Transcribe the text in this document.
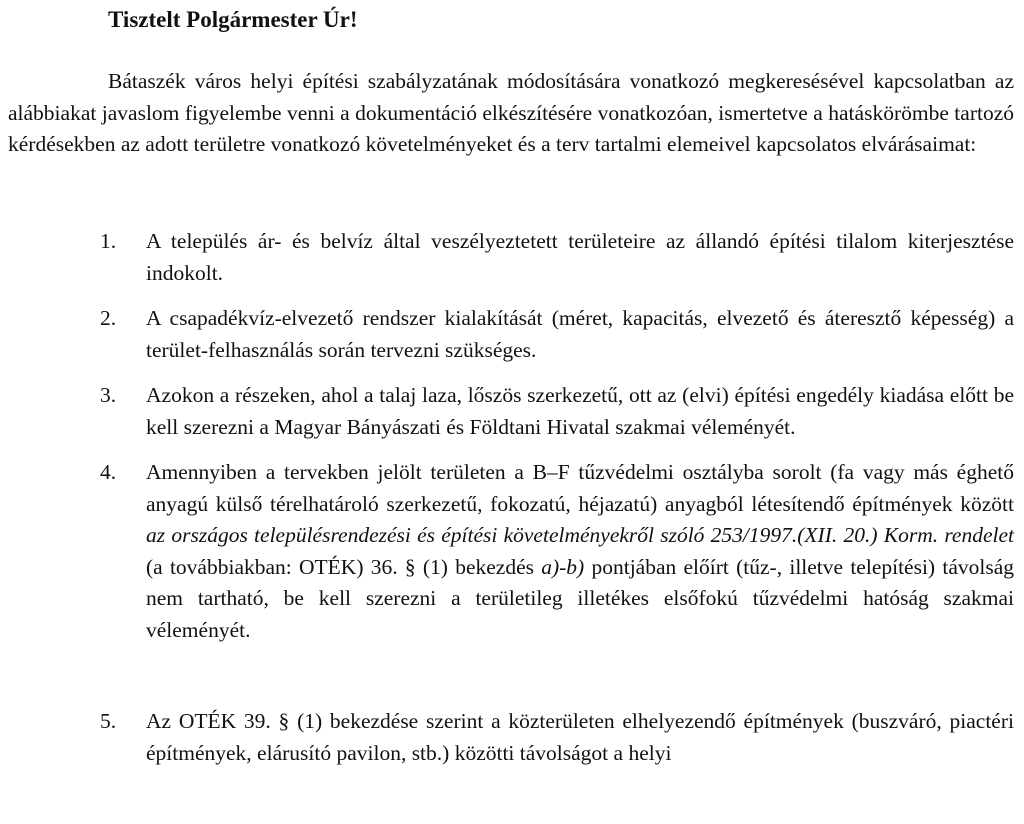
Tisztelt Polgármester Úr!
Bátaszék város helyi építési szabályzatának módosítására vonatkozó megkeresésével kapcsolatban az alábbiakat javaslom figyelembe venni a dokumentáció elkészítésére vonatkozóan, ismertetve a hatáskörömbe tartozó kérdésekben az adott területre vonatkozó követelményeket és a terv tartalmi elemeivel kapcsolatos elvárásaimat:
1. A település ár- és belvíz által veszélyeztetett területeire az állandó építési tilalom kiterjesztése indokolt.
2. A csapadékvíz-elvezető rendszer kialakítását (méret, kapacitás, elvezető és áteresztő képesség) a terület-felhasználás során tervezni szükséges.
3. Azokon a részeken, ahol a talaj laza, lőszös szerkezetű, ott az (elvi) építési engedély kiadása előtt be kell szerezni a Magyar Bányászati és Földtani Hivatal szakmai véleményét.
4. Amennyiben a tervekben jelölt területen a B–F tűzvédelmi osztályba sorolt (fa vagy más éghető anyagú külső térelhatároló szerkezetű, fokozatú, héjazatú) anyagból létesítendő építmények között az országos településrendezési és építési követelményekről szóló 253/1997.(XII. 20.) Korm. rendelet (a továbbiakban: OTÉK) 36. § (1) bekezdés a)-b) pontjában előírt (tűz-, illetve telepítési) távolság nem tartható, be kell szerezni a területileg illetékes elsőfokú tűzvédelmi hatóság szakmai véleményét.
5. Az OTÉK 39. § (1) bekezdése szerint a közterületen elhelyezendő építmények (buszváró, piactéri építmények, elárusító pavilon, stb.) közötti távolságot a helyi
